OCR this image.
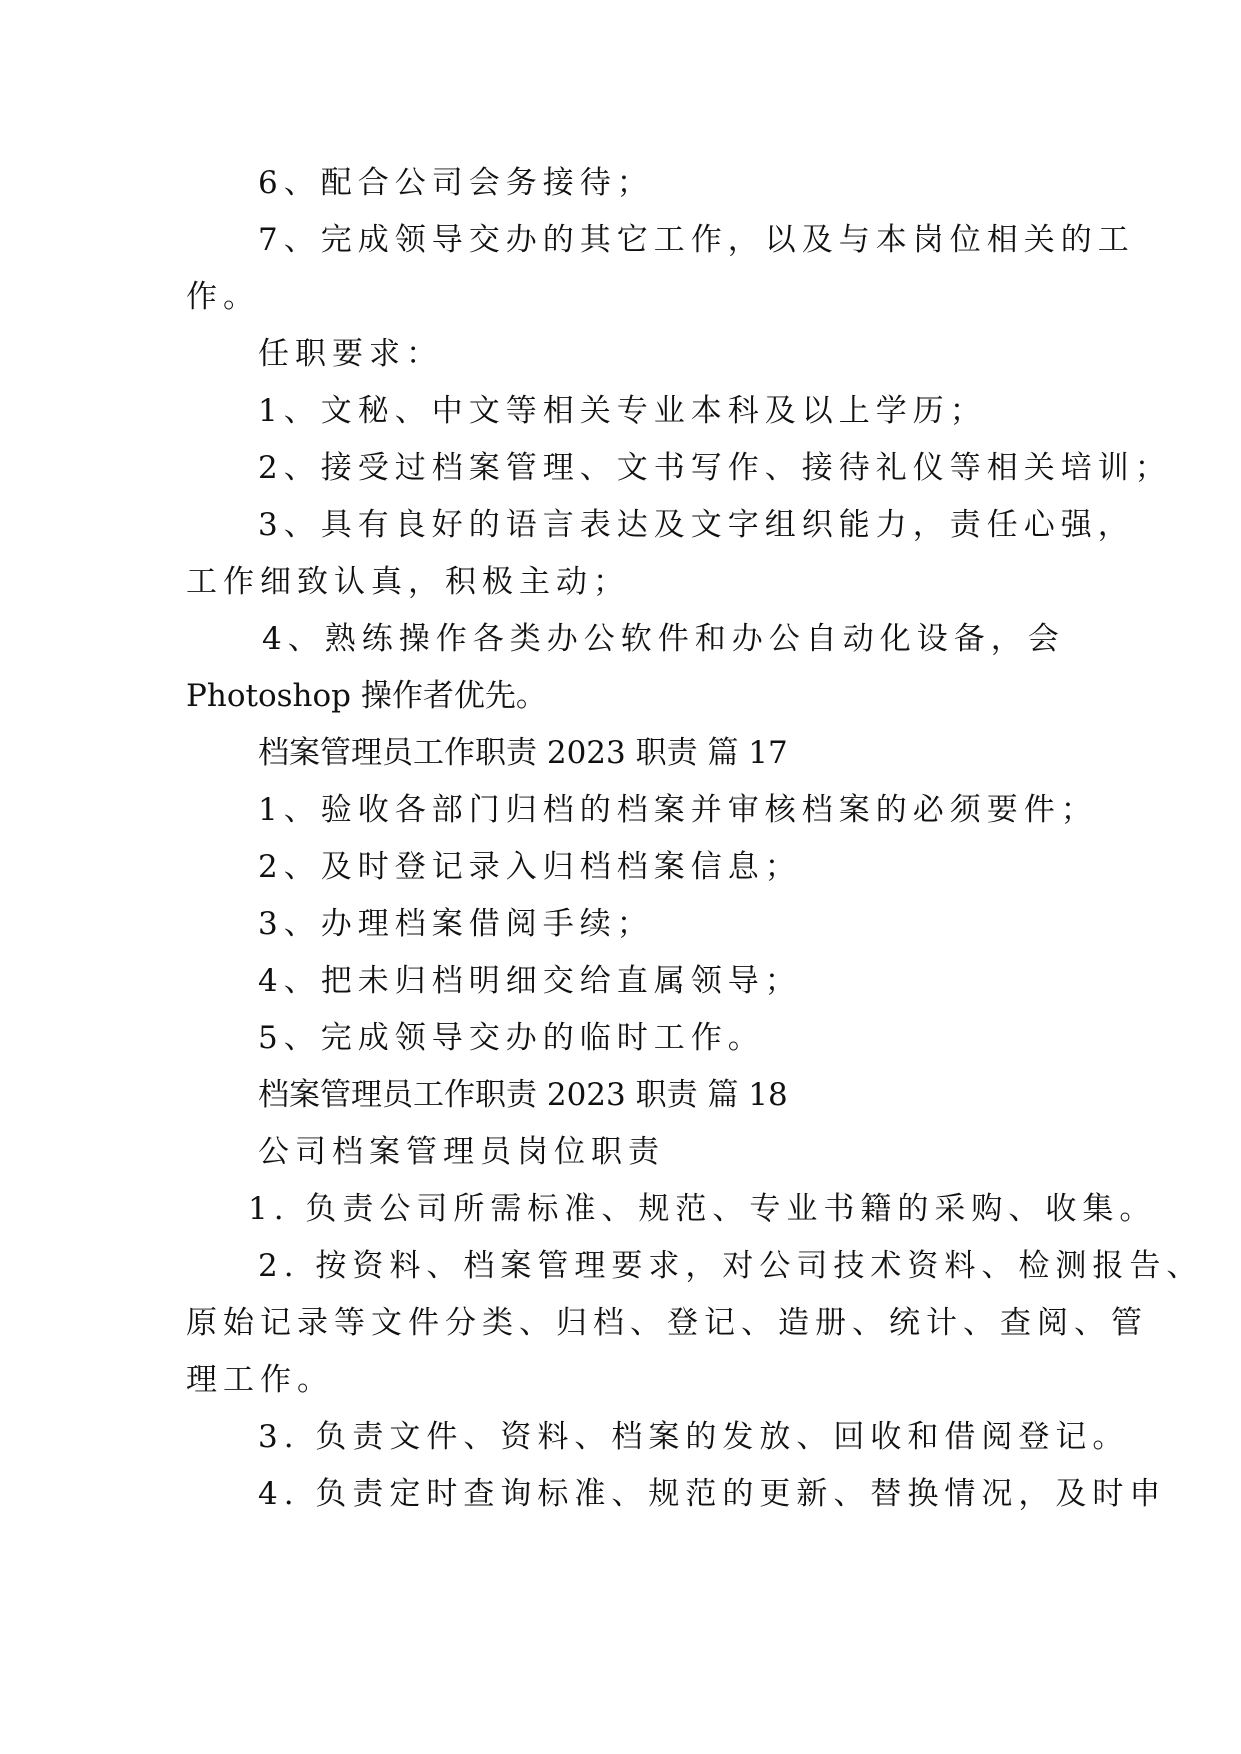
6、配合公司会务接待；
7、完成领导交办的其它工作，以及与本岗位相关的工
作。
任职要求：
1、文秘、中文等相关专业本科及以上学历；
2、接受过档案管理、文书写作、接待礼仪等相关培训；
3、具有良好的语言表达及文字组织能力，责任心强，
工作细致认真，积极主动；
4、熟练操作各类办公软件和办公自动化设备，会
Photoshop 操作者优先。
档案管理员工作职责 2023 职责 篇 17
1、验收各部门归档的档案并审核档案的必须要件；
2、及时登记录入归档档案信息；
3、办理档案借阅手续；
4、把未归档明细交给直属领导；
5、完成领导交办的临时工作。
档案管理员工作职责 2023 职责 篇 18
公司档案管理员岗位职责
1. 负责公司所需标准、规范、专业书籍的采购、收集。
2. 按资料、档案管理要求，对公司技术资料、检测报告、
原始记录等文件分类、归档、登记、造册、统计、查阅、管
理工作。
3. 负责文件、资料、档案的发放、回收和借阅登记。
4. 负责定时查询标准、规范的更新、替换情况，及时申
